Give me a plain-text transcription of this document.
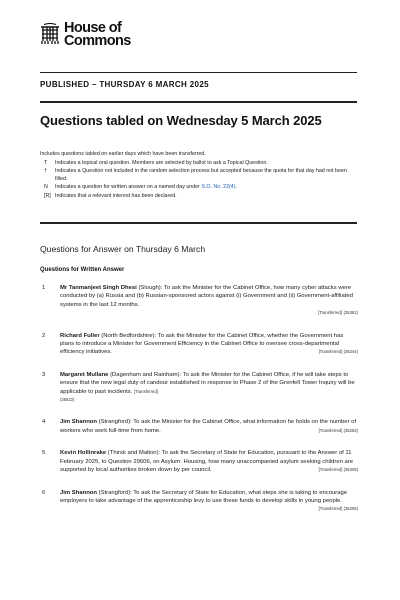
House of
Commons
PUBLISHED – THURSDAY 6 MARCH 2025
Questions tabled on Wednesday 5 March 2025

Includes questions tabled on earlier days which have been transferred.

T	Indicates a topical oral question. Members are selected by ballot to ask a Topical Question.
†	Indicates a Question not included in the random selection process but accepted because the quota for that day had not been filled.
N	Indicates a question for written answer on a named day under S.O. No. 22(4).
[R] Indicates that a relevant interest has been declared.
Questions for Answer on Thursday 6 March
Questions for Written Answer
1	Mr Tanmanjeet Singh Dhesi (Slough): To ask the Minister for the Cabinet Office, how many cyber attacks were conducted by (a) Russia and (b) Russian-sponsored actors against (i) Government and (ii) Government-affiliated systems in the last 12 months.
[Transferred] (35362)
2	Richard Fuller (North Bedfordshire): To ask the Minister for the Cabinet Office, whether the Government has plans to introduce a Minister for Government Efficiency in the Cabinet Office to oversee cross-departmental efficiency initiatives.	[Transferred] (35244)
3	Margaret Mullane (Dagenham and Rainham): To ask the Minister for the Cabinet Office, if he will take steps to ensure that the new legal duty of candour established in response to Phase 2 of the Grenfell Tower Inquiry will be applicable to past incidents. [Transferred]
(35522)
4	Jim Shannon (Strangford): To ask the Minister for the Cabinet Office, what information he holds on the number of workers who work full-time from home.	[Transferred] (35263)
5	Kevin Hollinrake (Thirsk and Malton): To ask the Secretary of State for Education, pursuant to the Answer of 11 February 2025, to Question 29606, on Asylum: Housing, how many unaccompanied asylum seeking children are supported by local authorities broken down by per council.	[Transferred] (35309)
6	Jim Shannon (Strangford): To ask the Secretary of State for Education, what steps she is taking to encourage employers to take advantage of the apprenticeship levy to use these funds to develop skills in young people.
[Transferred] (35256)
